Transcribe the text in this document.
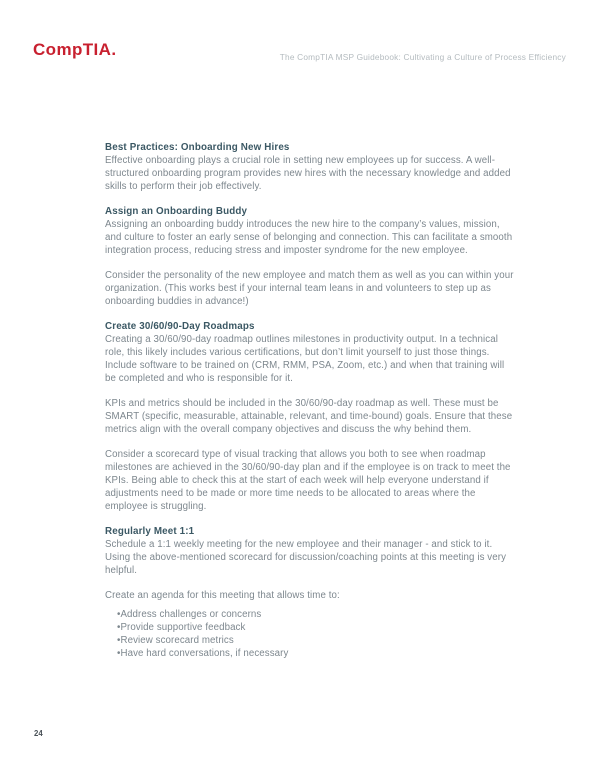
CompTIA.	The CompTIA MSP Guidebook: Cultivating a Culture of Process Efficiency
Best Practices: Onboarding New Hires

Effective onboarding plays a crucial role in setting new employees up for success. A well- structured onboarding program provides new hires with the necessary knowledge and added skills to perform their job effectively.

Assign an Onboarding Buddy

Assigning an onboarding buddy introduces the new hire to the company’s values, mission, and culture to foster an early sense of belonging and connection. This can facilitate a smooth integration process, reducing stress and imposter syndrome for the new employee.

Consider the personality of the new employee and match them as well as you can within your organization. (This works best if your internal team leans in and volunteers to step up as onboarding buddies in advance!)

Create 30/60/90-Day Roadmaps

Creating a 30/60/90-day roadmap outlines milestones in productivity output. In a technical role, this likely includes various certifications, but don’t limit yourself to just those things. Include software to be trained on (CRM, RMM, PSA, Zoom, etc.) and when that training will be completed and who is responsible for it.

KPIs and metrics should be included in the 30/60/90-day roadmap as well. These must be SMART (specific, measurable, attainable, relevant, and time-bound) goals. Ensure that these metrics align with the overall company objectives and discuss the why behind them.

Consider a scorecard type of visual tracking that allows you both to see when roadmap milestones are achieved in the 30/60/90-day plan and if the employee is on track to meet the KPIs. Being able to check this at the start of each week will help everyone understand if adjustments need to be made or more time needs to be allocated to areas where the employee is struggling.

Regularly Meet 1:1

Schedule a 1:1 weekly meeting for the new employee and their manager - and stick to it. Using the above-mentioned scorecard for discussion/coaching points at this meeting is very helpful.

Create an agenda for this meeting that allows time to:

• Address challenges or concerns
• Provide supportive feedback
• Review scorecard metrics
• Have hard conversations, if necessary
24
